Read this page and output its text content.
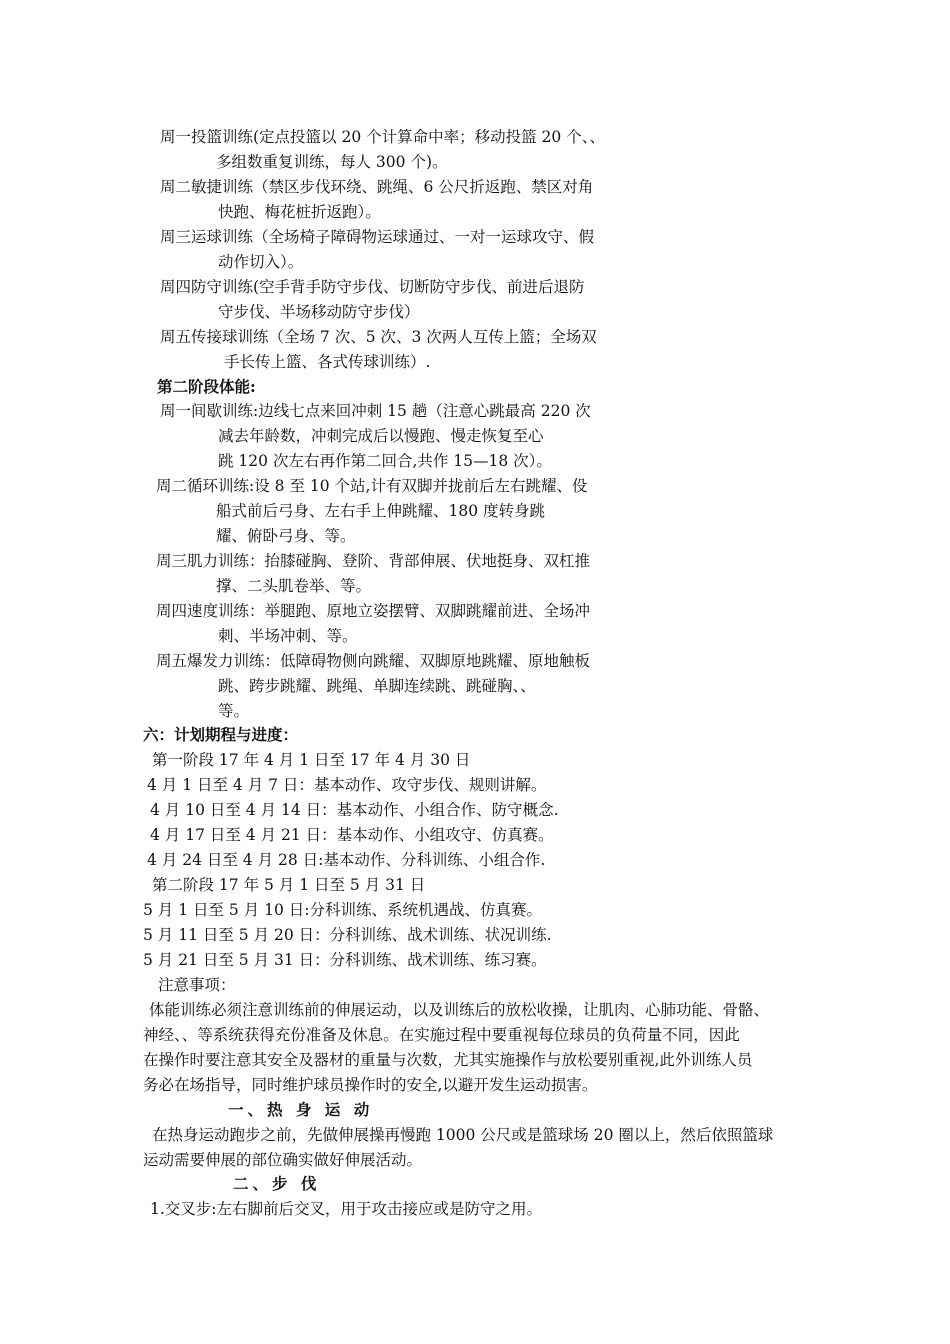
周一投篮训练(定点投篮以 20 个计算命中率；移动投篮 20 个、、
多组数重复训练，每人 300 个)。
周二敏捷训练（禁区步伐环绕、跳绳、6 公尺折返跑、禁区对角
快跑、梅花桩折返跑）。
周三运球训练（全场椅子障碍物运球通过、一对一运球攻守、假
动作切入）。
周四防守训练(空手背手防守步伐、切断防守步伐、前进后退防
守步伐、半场移动防守步伐）
周五传接球训练（全场 7 次、5 次、3 次两人互传上篮；全场双
手长传上篮、各式传球训练）.
第二阶段体能:
周一间歇训练:边线七点来回冲刺 15 趟（注意心跳最高 220 次
减去年龄数，冲刺完成后以慢跑、慢走恢复至心
跳 120 次左右再作第二回合,共作 15—18 次）。
周二循环训练:设 8 至 10 个站,计有双脚并拢前后左右跳耀、伇
船式前后弓身、左右手上伸跳耀、180 度转身跳
耀、俯卧弓身、等。
周三肌力训练：抬膝碰胸、登阶、背部伸展、伏地挺身、双杠推
撑、二头肌卷举、等。
周四速度训练：举腿跑、原地立姿摆臂、双脚跳耀前进、全场冲
刺、半场冲刺、等。
周五爆发力训练：低障碍物侧向跳耀、双脚原地跳耀、原地触板
跳、跨步跳耀、跳绳、单脚连续跳、跳碰胸、、
等。
六：计划期程与进度：
第一阶段 17 年 4 月 1 日至 17 年 4 月 30 日
4 月 1 日至 4 月 7 日：基本动作、攻守步伐、规则讲解。
4 月 10 日至 4 月 14 日：基本动作、小组合作、防守概念.
4 月 17 日至 4 月 21 日：基本动作、小组攻守、仿真赛。
4 月 24 日至 4 月 28 日:基本动作、分科训练、小组合作.
第二阶段 17 年 5 月 1 日至 5 月 31 日
5 月 1 日至 5 月 10 日:分科训练、系统机遇战、仿真赛。
5 月 11 日至 5 月 20 日：分科训练、战术训练、状况训练.
5 月 21 日至 5 月 31 日：分科训练、战术训练、练习赛。
注意事项：
体能训练必须注意训练前的伸展运动，以及训练后的放松收操，让肌肉、心肺功能、骨骼、
神经、、等系统获得充份准备及休息。在实施过程中要重视每位球员的负荷量不同，因此
在操作时要注意其安全及器材的重量与次数，尤其实施操作与放松要别重视,此外训练人员
务必在场指导，同时维护球员操作时的安全,以避开发生运动损害。
一、热 身 运 动
在热身运动跑步之前，先做伸展操再慢跑 1000 公尺或是篮球场 20 圈以上，然后依照篮球
运动需要伸展的部位确实做好伸展活动。
二、步 伐
1.交叉步:左右脚前后交叉，用于攻击接应或是防守之用。
